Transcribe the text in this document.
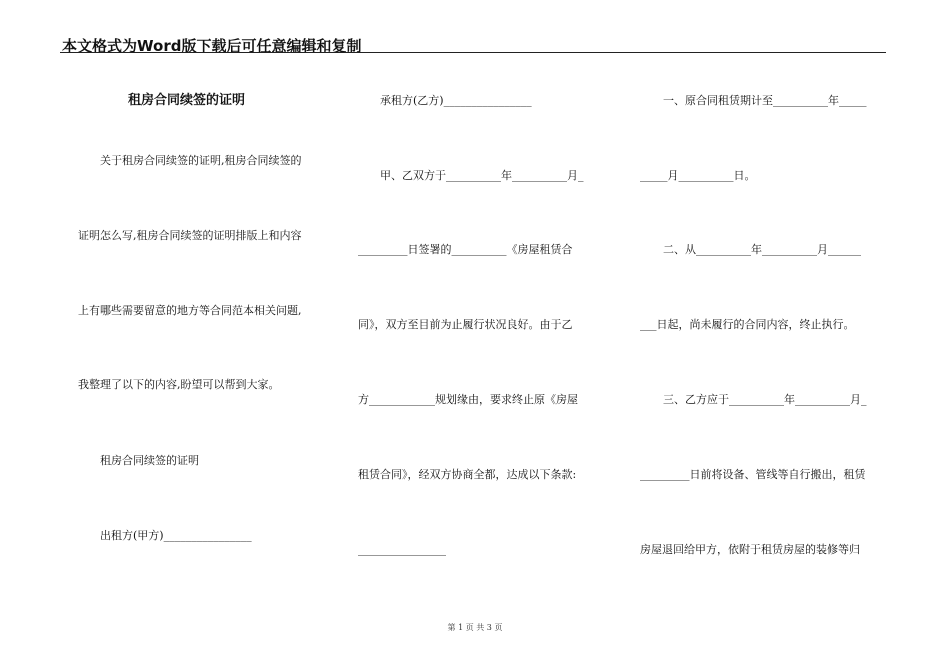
本文格式为Word版下载后可任意编辑和复制
租房合同续签的证明
关于租房合同续签的证明,租房合同续签的
证明怎么写,租房合同续签的证明排版上和内容
上有哪些需要留意的地方等合同范本相关问题,
我整理了以下的内容,盼望可以帮到大家。
租房合同续签的证明
出租方(甲方)________________
承租方(乙方)________________
甲、乙双方于__________年__________月_
_________日签署的__________《房屋租赁合
同》，双方至目前为止履行状况良好。由于乙
方____________规划缘由，要求终止原《房屋
租赁合同》，经双方协商全都，达成以下条款:
________________
一、原合同租赁期计至__________年_____
_____月__________日。
二、从__________年__________月______
___日起，尚未履行的合同内容，终止执行。
三、乙方应于__________年__________月_
_________日前将设备、管线等自行搬出，租赁
房屋退回给甲方，依附于租赁房屋的装修等归
第 1 页 共 3 页
